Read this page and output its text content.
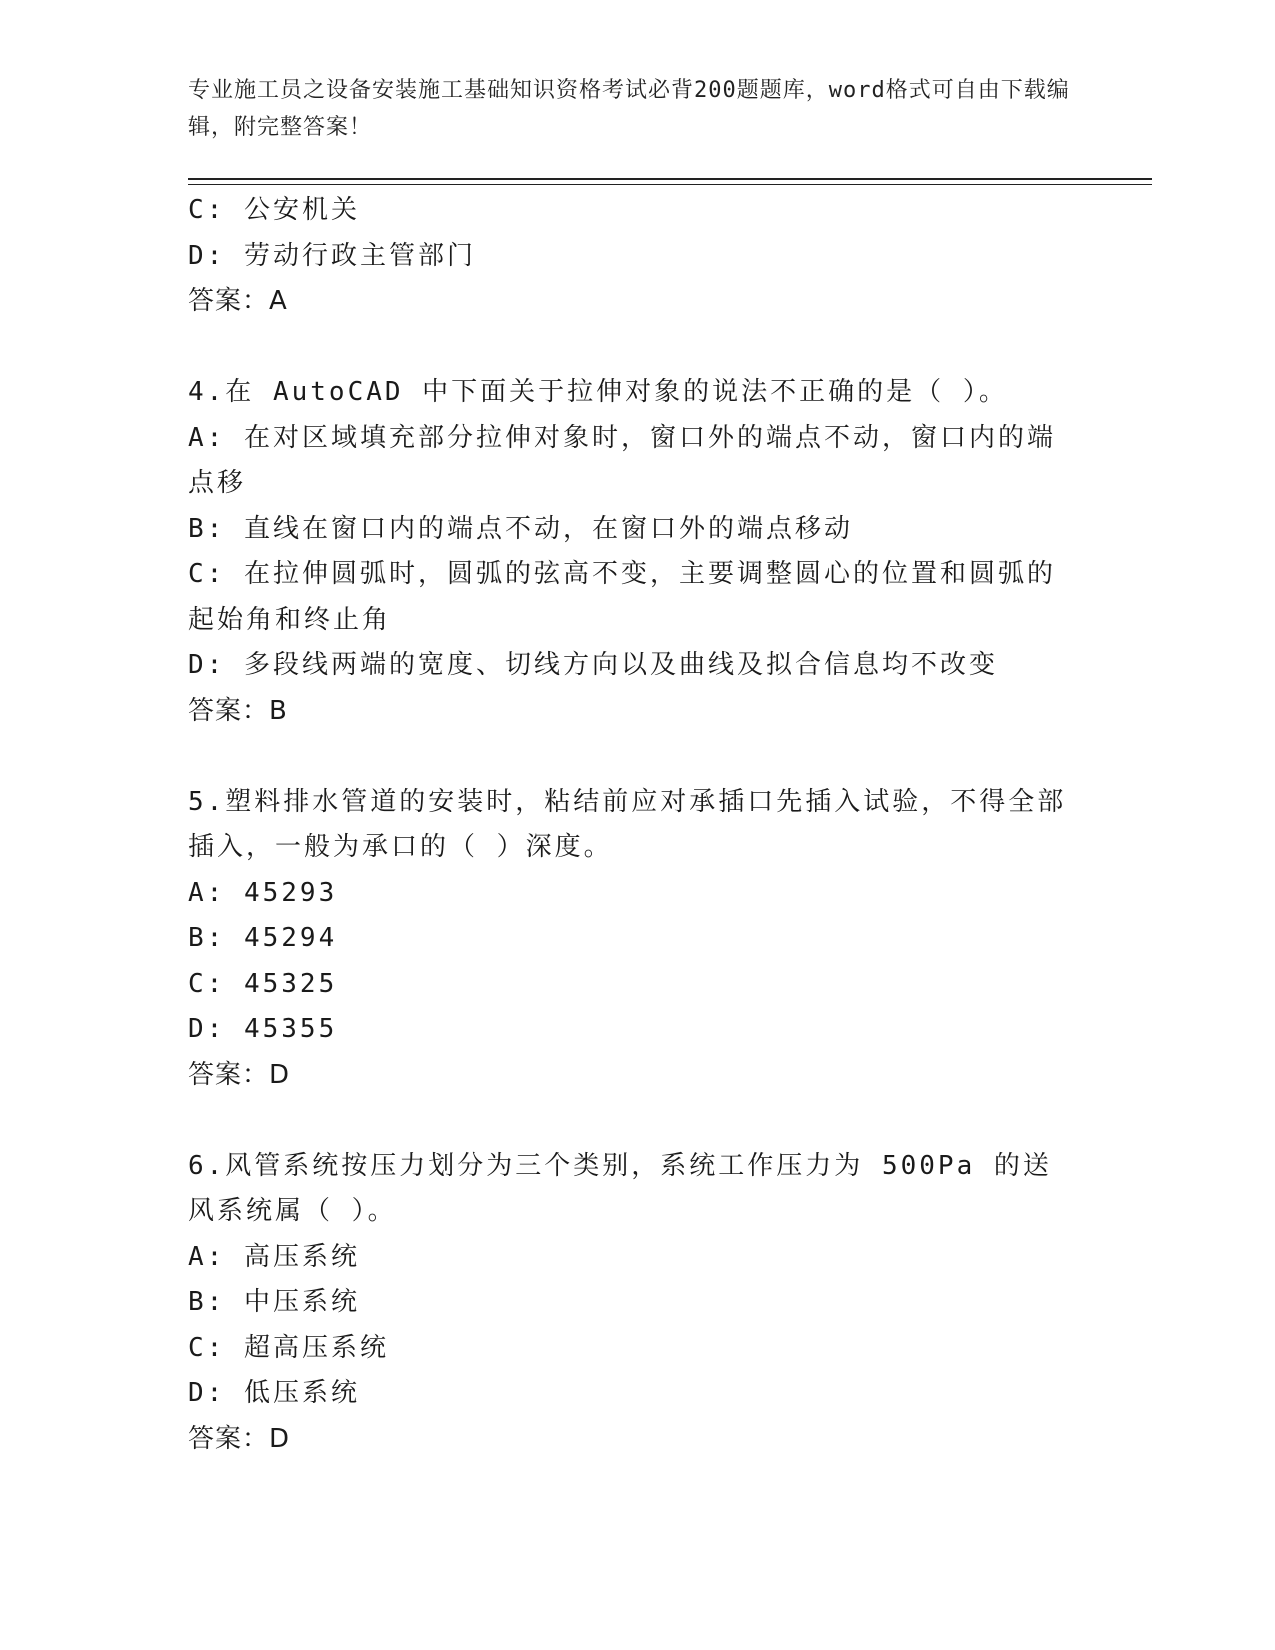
专业施工员之设备安装施工基础知识资格考试必背200题题库，word格式可自由下载编辑，附完整答案！
C: 公安机关
D: 劳动行政主管部门
答案：A
4.在 AutoCAD 中下面关于拉伸对象的说法不正确的是（ ）。
A: 在对区域填充部分拉伸对象时，窗口外的端点不动，窗口内的端点移
B: 直线在窗口内的端点不动，在窗口外的端点移动
C: 在拉伸圆弧时，圆弧的弦高不变，主要调整圆心的位置和圆弧的起始角和终止角
D: 多段线两端的宽度、切线方向以及曲线及拟合信息均不改变
答案：B
5.塑料排水管道的安装时，粘结前应对承插口先插入试验，不得全部插入，一般为承口的（ ）深度。
A: 45293
B: 45294
C: 45325
D: 45355
答案：D
6.风管系统按压力划分为三个类别，系统工作压力为 500Pa 的送风系统属（ ）。
A: 高压系统
B: 中压系统
C: 超高压系统
D: 低压系统
答案：D
